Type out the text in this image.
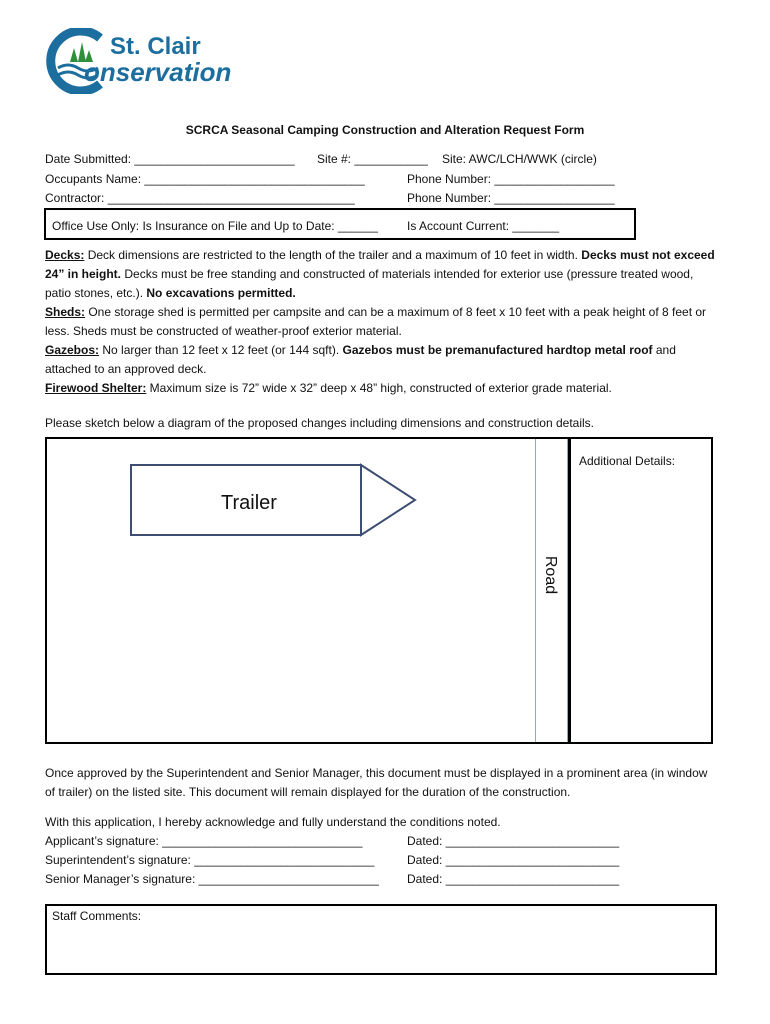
St. Clair
onservation
SCRCA Seasonal Camping Construction and Alteration Request Form
Date Submitted: ________________________ Site #: ___________ Site: AWC/LCH/WWK (circle)
Occupants Name: _________________________________	Phone Number: __________________
Contractor: _____________________________________	Phone Number: __________________
Office Use Only: Is Insurance on File and Up to Date: ______ Is Account Current: _______
Decks: Deck dimensions are restricted to the length of the trailer and a maximum of 10 feet in width. Decks must not exceed 24” in height. Decks must be free standing and constructed of materials intended for exterior use (pressure treated wood, patio stones, etc.). No excavations permitted.
Sheds: One storage shed is permitted per campsite and can be a maximum of 8 feet x 10 feet with a peak height of 8 feet or less. Sheds must be constructed of weather-proof exterior material.
Gazebos: No larger than 12 feet x 12 feet (or 144 sqft). Gazebos must be premanufactured hardtop metal roof and attached to an approved deck.
Firewood Shelter: Maximum size is 72” wide x 32” deep x 48” high, constructed of exterior grade material.
Please sketch below a diagram of the proposed changes including dimensions and construction details.
Road
Trailer
Additional Details:
Once approved by the Superintendent and Senior Manager, this document must be displayed in a prominent area (in window of trailer) on the listed site. This document will remain displayed for the duration of the construction.
With this application, I hereby acknowledge and fully understand the conditions noted.
Applicant’s signature: ______________________________	Dated: __________________________
Superintendent’s signature: ___________________________	Dated: __________________________
Senior Manager’s signature: ___________________________ Dated: __________________________
Staff Comments:
